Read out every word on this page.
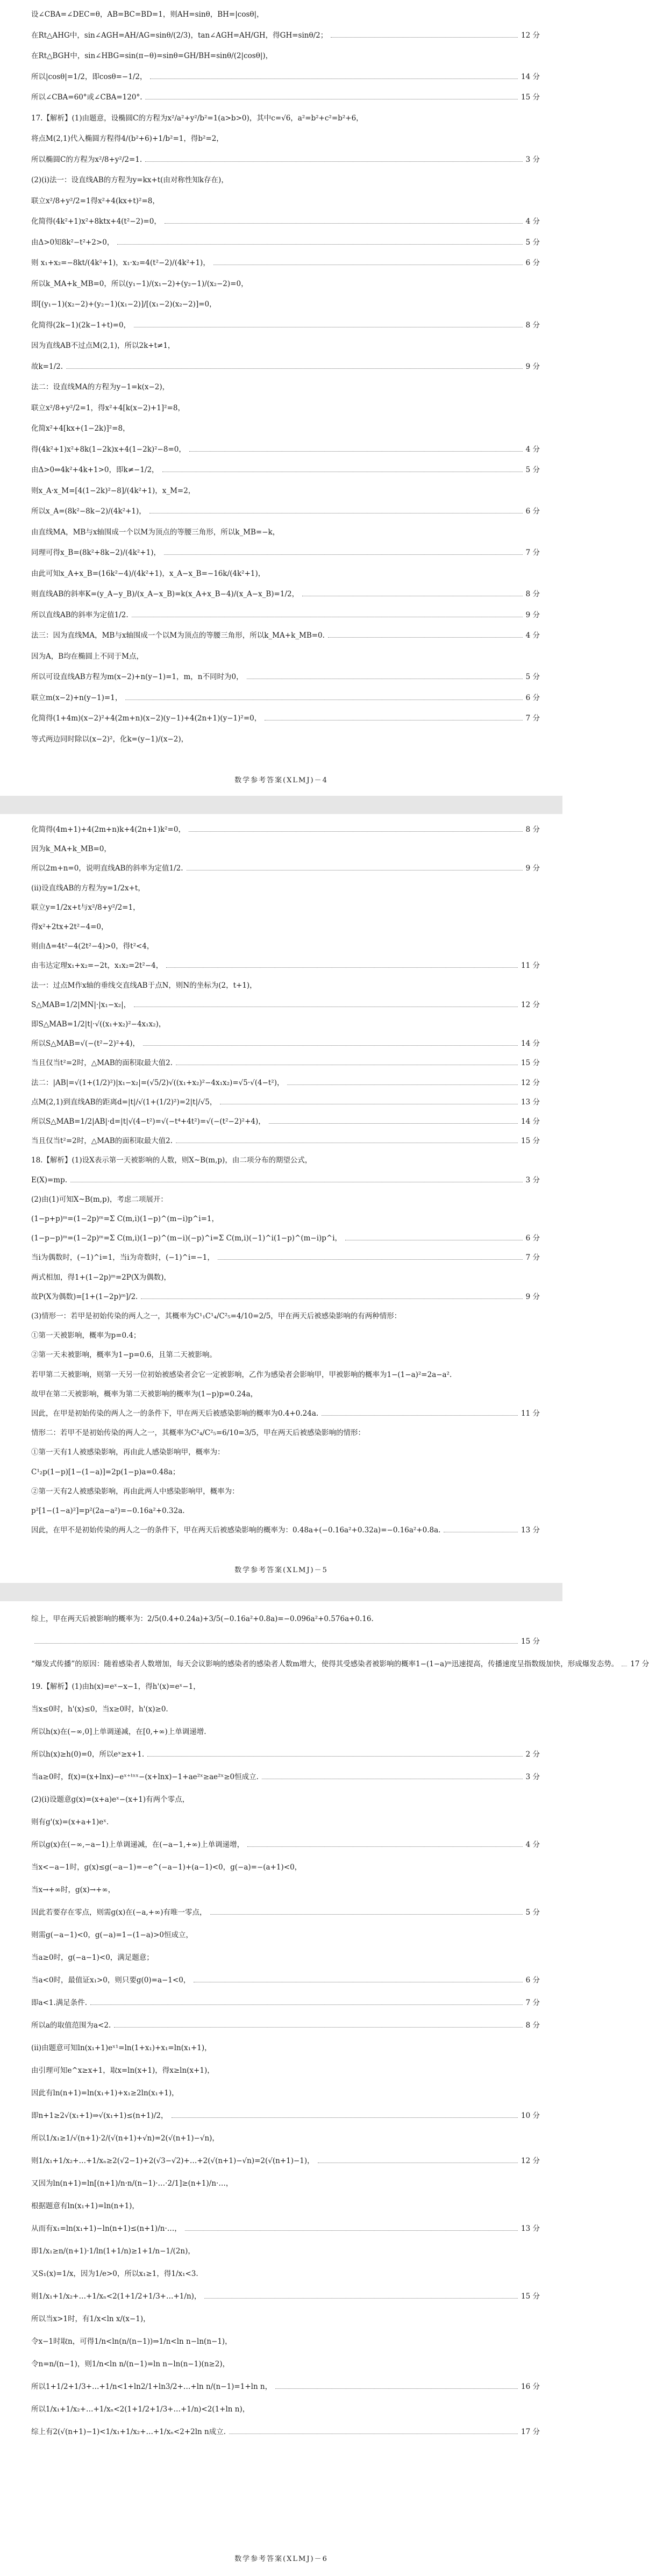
设∠CBA=∠DEC=θ，AB=BC=BD=1，则AH=sinθ，BH=|cosθ|，
在Rt△AHG中，sin∠AGH=AH/AG=sinθ/(2/3)，tan∠AGH=AH/GH，得GH=sinθ/2；	12 分
在Rt△BGH中，sin∠HBG=sin(π−θ)=sinθ=GH/BH=sinθ/(2|cosθ|)，
所以|cosθ|=1/2，即cosθ=−1/2，	14 分
所以∠CBA=60°或∠CBA=120°.	15 分
17.【解析】(1)由题意，设椭圆C的方程为x²/a²+y²/b²=1(a>b>0)，其中c=√6，a²=b²+c²=b²+6，
将点M(2,1)代入椭圆方程得4/(b²+6)+1/b²=1，得b²=2，
所以椭圆C的方程为x²/8+y²/2=1.	3 分
(2)(ⅰ)法一：设直线AB的方程为y=kx+t(由对称性知k存在)，
联立x²/8+y²/2=1得x²+4(kx+t)²=8，
化简得(4k²+1)x²+8ktx+4(t²−2)=0，	4 分
由Δ>0知8k²−t²+2>0，	5 分
则 x₁+x₂=−8kt/(4k²+1)，x₁·x₂=4(t²−2)/(4k²+1)，	6 分
所以k_MA+k_MB=0，所以(y₁−1)/(x₁−2)+(y₂−1)/(x₂−2)=0，
即[(y₁−1)(x₂−2)+(y₂−1)(x₁−2)]/[(x₁−2)(x₂−2)]=0，
化简得(2k−1)(2k−1+t)=0，	8 分
因为直线AB不过点M(2,1)，所以2k+t≠1，
故k=1/2.	9 分
法二：设直线MA的方程为y−1=k(x−2)，
联立x²/8+y²/2=1，得x²+4[k(x−2)+1]²=8，
化简x²+4[kx+(1−2k)]²=8，
得(4k²+1)x²+8k(1−2k)x+4(1−2k)²−8=0，	4 分
由Δ>0⇔4k²+4k+1>0，即k≠−1/2，	5 分
则x_A·x_M=[4(1−2k)²−8]/(4k²+1)，x_M=2，
所以x_A=(8k²−8k−2)/(4k²+1)，	6 分
由直线MA，MB与x轴围成一个以M为顶点的等腰三角形，所以k_MB=−k，
同理可得x_B=(8k²+8k−2)/(4k²+1)，	7 分
由此可知x_A+x_B=(16k²−4)/(4k²+1)，x_A−x_B=−16k/(4k²+1)，
则直线AB的斜率K=(y_A−y_B)/(x_A−x_B)=k(x_A+x_B−4)/(x_A−x_B)=1/2，	8 分
所以直线AB的斜率为定值1/2.	9 分
法三：因为直线MA，MB与x轴围成一个以M为顶点的等腰三角形，所以k_MA+k_MB=0.	4 分
因为A，B均在椭圆上不同于M点，
所以可设直线AB方程为m(x−2)+n(y−1)=1，m，n不同时为0，	5 分
联立m(x−2)+n(y−1)=1，	6 分
化简得(1+4m)(x−2)²+4(2m+n)(x−2)(y−1)+4(2n+1)(y−1)²=0，	7 分
等式两边同时除以(x−2)²，化k=(y−1)/(x−2)，
数学参考答案(XLMJ)－4
化简得(4m+1)+4(2m+n)k+4(2n+1)k²=0，	8 分
因为k_MA+k_MB=0，
所以2m+n=0，说明直线AB的斜率为定值1/2.	9 分
(ⅱ)设直线AB的方程为y=1/2x+t，
联立y=1/2x+t与x²/8+y²/2=1，
得x²+2tx+2t²−4=0，
则由Δ=4t²−4(2t²−4)>0，得t²<4，
由韦达定理x₁+x₂=−2t，x₁x₂=2t²−4，	11 分
法一：过点M作x轴的垂线交直线AB于点N，则N的坐标为(2，t+1)，
S△MAB=1/2|MN|·|x₁−x₂|，	12 分
即S△MAB=1/2|t|·√((x₁+x₂)²−4x₁x₂)，
所以S△MAB=√(−(t²−2)²+4)，	14 分
当且仅当t²=2时，△MAB的面积取最大值2.	15 分
法二：|AB|=√(1+(1/2)²)|x₁−x₂|=(√5/2)√((x₁+x₂)²−4x₁x₂)=√5·√(4−t²)，	12 分
点M(2,1)到直线AB的距离d=|t|/√(1+(1/2)²)=2|t|/√5，	13 分
所以S△MAB=1/2|AB|·d=|t|√(4−t²)=√(−t⁴+4t²)=√(−(t²−2)²+4)，	14 分
当且仅当t²=2时，△MAB的面积取最大值2.	15 分
18.【解析】(1)设X表示第一天被影响的人数，则X~B(m,p)，由二项分布的期望公式，
E(X)=mp.	3 分
(2)由(1)可知X~B(m,p)，考虑二项展开：
(1−p+p)ᵐ=(1−2p)ᵐ=Σ C(m,i)(1−p)^(m−i)p^i=1，
(1−p−p)ᵐ=(1−2p)ᵐ=Σ C(m,i)(1−p)^(m−i)(−p)^i=Σ C(m,i)(−1)^i(1−p)^(m−i)p^i，	6 分
当i为偶数时，(−1)^i=1，当i为奇数时，(−1)^i=−1，	7 分
两式相加，得1+(1−2p)ᵐ=2P(X为偶数)，
故P(X为偶数)=[1+(1−2p)ᵐ]/2.	9 分
(3)情形一：若甲是初始传染的两人之一，其概率为C¹₁C¹₄/C²₅=4/10=2/5，甲在两天后被感染影响的有两种情形：
①第一天被影响，概率为p=0.4；
②第一天未被影响，概率为1−p=0.6，且第二天被影响。
若甲第二天被影响，则第一天另一位初始被感染者会它一定被影响，乙作为感染者会影响甲，甲被影响的概率为1−(1−a)²=2a−a².
故甲在第二天被影响，概率为第二天被影响的概率为(1−p)p=0.24a，
因此，在甲是初始传染的两人之一的条件下，甲在两天后被感染影响的概率为0.4+0.24a.	11 分
情形二：若甲不是初始传染的两人之一，其概率为C²₄/C²₅=6/10=3/5，甲在两天后被感染影响的情形：
①第一天有1人被感染影响，再由此人感染影响甲，概率为：
C¹₂p(1−p)[1−(1−a)]=2p(1−p)a=0.48a；
②第一天有2人被感染影响，再由此两人中感染影响甲，概率为：
p²[1−(1−a)²]=p²(2a−a²)=−0.16a²+0.32a.
因此，在甲不是初始传染的两人之一的条件下，甲在两天后被感染影响的概率为：0.48a+(−0.16a²+0.32a)=−0.16a²+0.8a.	13 分
数学参考答案(XLMJ)－5
综上，甲在两天后被影响的概率为：2/5(0.4+0.24a)+3/5(−0.16a²+0.8a)=−0.096a²+0.576a+0.16.
15 分
“爆发式传播”的原因：随着感染者人数增加，每天会议影响的感染者的感染者人数m增大，使得其受感染者被影响的概率1−(1−a)ᵐ迅速提高，传播速度呈指数级加快，形成爆发态势。 17 分
19.【解析】(1)由h(x)=eˣ−x−1，得h'(x)=eˣ−1，
当x≤0时，h'(x)≤0，当x≥0时，h'(x)≥0.
所以h(x)在(−∞,0]上单调递减，在[0,+∞)上单调递增.
所以h(x)≥h(0)=0，所以eˣ≥x+1.	2 分
当a≥0时，f(x)=(x+lnx)−eˣ⁺ˡⁿˣ−(x+lnx)−1+ae²ˣ≥ae²ˣ≥0恒成立.	3 分
(2)(ⅰ)设题意g(x)=(x+a)eˣ−(x+1)有两个零点，
则有g'(x)=(x+a+1)eˣ.
所以g(x)在(−∞,−a−1)上单调递减，在(−a−1,+∞)上单调递增，	4 分
当x<−a−1时，g(x)≤g(−a−1)=−e^(−a−1)+(a−1)<0，g(−a)=−(a+1)<0，
当x→+∞时，g(x)→+∞，
因此若要存在零点，则需g(x)在(−a,+∞)有唯一零点，	5 分
则需g(−a−1)<0，g(−a)=1−(1−a)>0恒成立，
当a≥0时，g(−a−1)<0，满足题意；
当a<0时，最值证x₁>0，则只要g(0)=a−1<0，	6 分
即a<1.满足条件.	7 分
所以a的取值范围为a<2.	8 分
(ⅱ)由题意可知ln(x₁+1)eˣ¹=ln(1+x₁)+x₁=ln(x₁+1)，
由引理可知e^x≥x+1，取x=ln(x+1)，得x≥ln(x+1)，
因此有ln(n+1)=ln(x₁+1)+x₁≥2ln(x₁+1)，
即n+1≥2√(x₁+1)⇒√(x₁+1)≤(n+1)/2，	10 分
所以1/x₁≥1/√(n+1)·2/(√(n+1)+√n)=2(√(n+1)−√n)，
则1/x₁+1/x₂+…+1/xₙ≥2(√2−1)+2(√3−√2)+…+2(√(n+1)−√n)=2(√(n+1)−1)，	12 分
又因为ln(n+1)=ln[(n+1)/n·n/(n−1)·…·2/1]≥(n+1)/n·…，
根据题意有ln(x₁+1)=ln(n+1)，
从而有x₁=ln(x₁+1)−ln(n+1)≤(n+1)/n·…，	13 分
即1/x₁≥n/(n+1)·1/ln(1+1/n)≥1+1/n−1/(2n)，
又S₁(x)=1/x，因为1/e>0，所以x₁≥1，得1/x₁<3.
则1/x₁+1/x₂+…+1/xₙ<2(1+1/2+1/3+…+1/n)，	15 分
所以当x>1时，有1/x<ln x/(x−1)，
令x−1时取n，可得1/n<ln(n/(n−1))⇒1/n<ln n−ln(n−1)，
令n=n/(n−1)，则1/n<ln n/(n−1)=ln n−ln(n−1)(n≥2)，
所以1+1/2+1/3+…+1/n<1+ln2/1+ln3/2+…+ln n/(n−1)=1+ln n，	16 分
所以1/x₁+1/x₂+…+1/xₙ<2(1+1/2+1/3+…+1/n)<2(1+ln n)，
综上有2(√(n+1)−1)<1/x₁+1/x₂+…+1/xₙ<2+2ln n成立.	17 分
数学参考答案(XLMJ)－6
